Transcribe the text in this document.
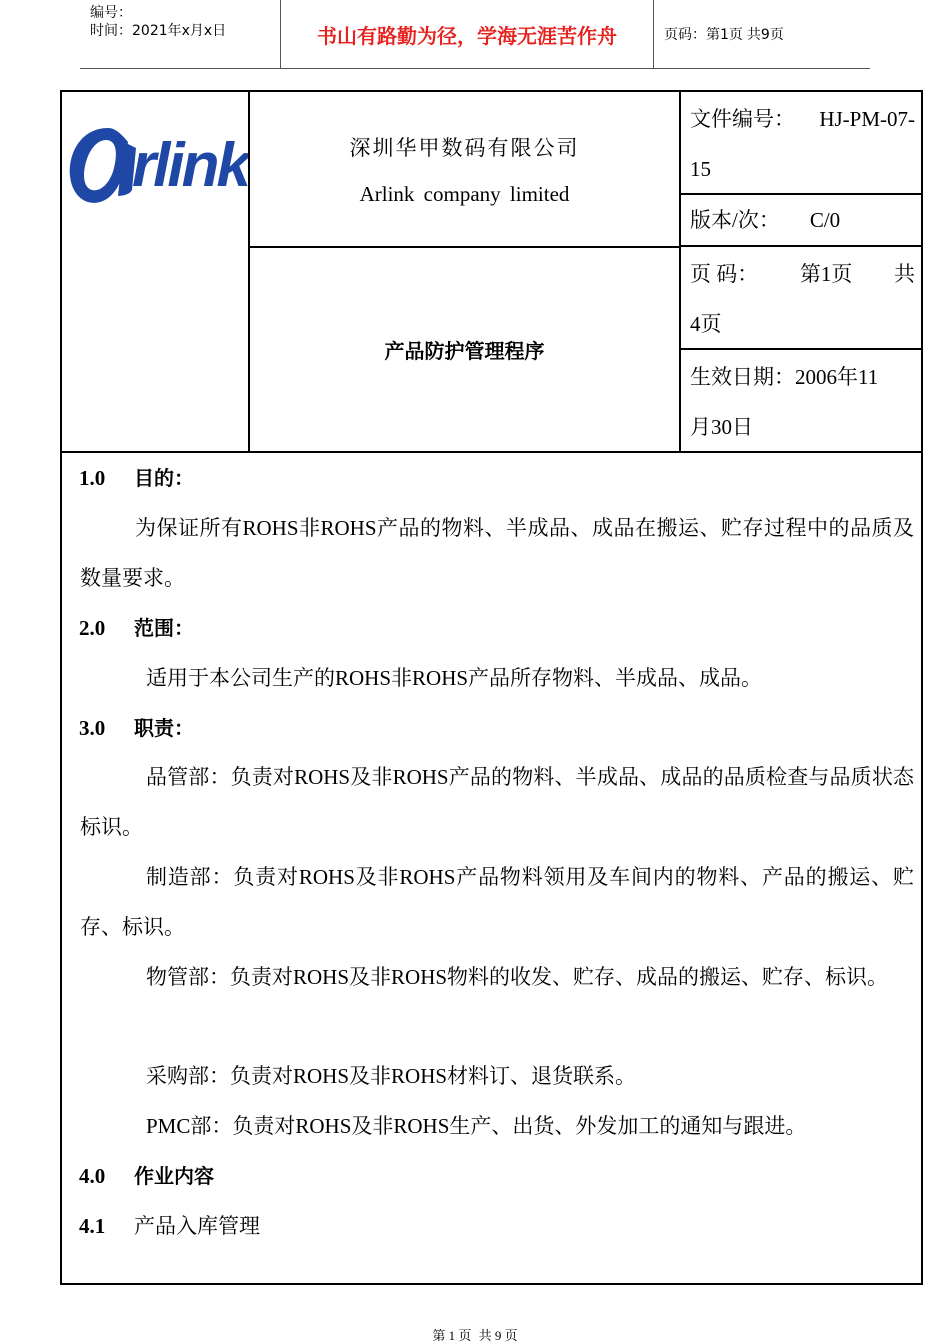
编号：
时间：2021年x月x日	书山有路勤为径，学海无涯苦作舟	页码：第1页 共9页
rlink	深圳华甲数码有限公司
Arlink company limited
产品防护管理程序
文件编号： HJ-PM-07-
15
版本/次： C/0
页 码： 第1页 共
4页
生效日期： 2006年11
月30日
1.0 目的：
为保证所有ROHS非ROHS产品的物料、半成品、成品在搬运、贮存过程中的品质及数量要求。
2.0 范围：
适用于本公司生产的ROHS非ROHS产品所存物料、半成品、成品。
3.0 职责：
品管部：负责对ROHS及非ROHS产品的物料、半成品、成品的品质检查与品质状态标识。
制造部：负责对ROHS及非ROHS产品物料领用及车间内的物料、产品的搬运、贮存、标识。
物管部：负责对ROHS及非ROHS物料的收发、贮存、成品的搬运、贮存、标识。
采购部：负责对ROHS及非ROHS材料订、退货联系。
PMC部：负责对ROHS及非ROHS生产、出货、外发加工的通知与跟进。
4.0 作业内容
4.1 产品入库管理
第 1 页 共 9 页
